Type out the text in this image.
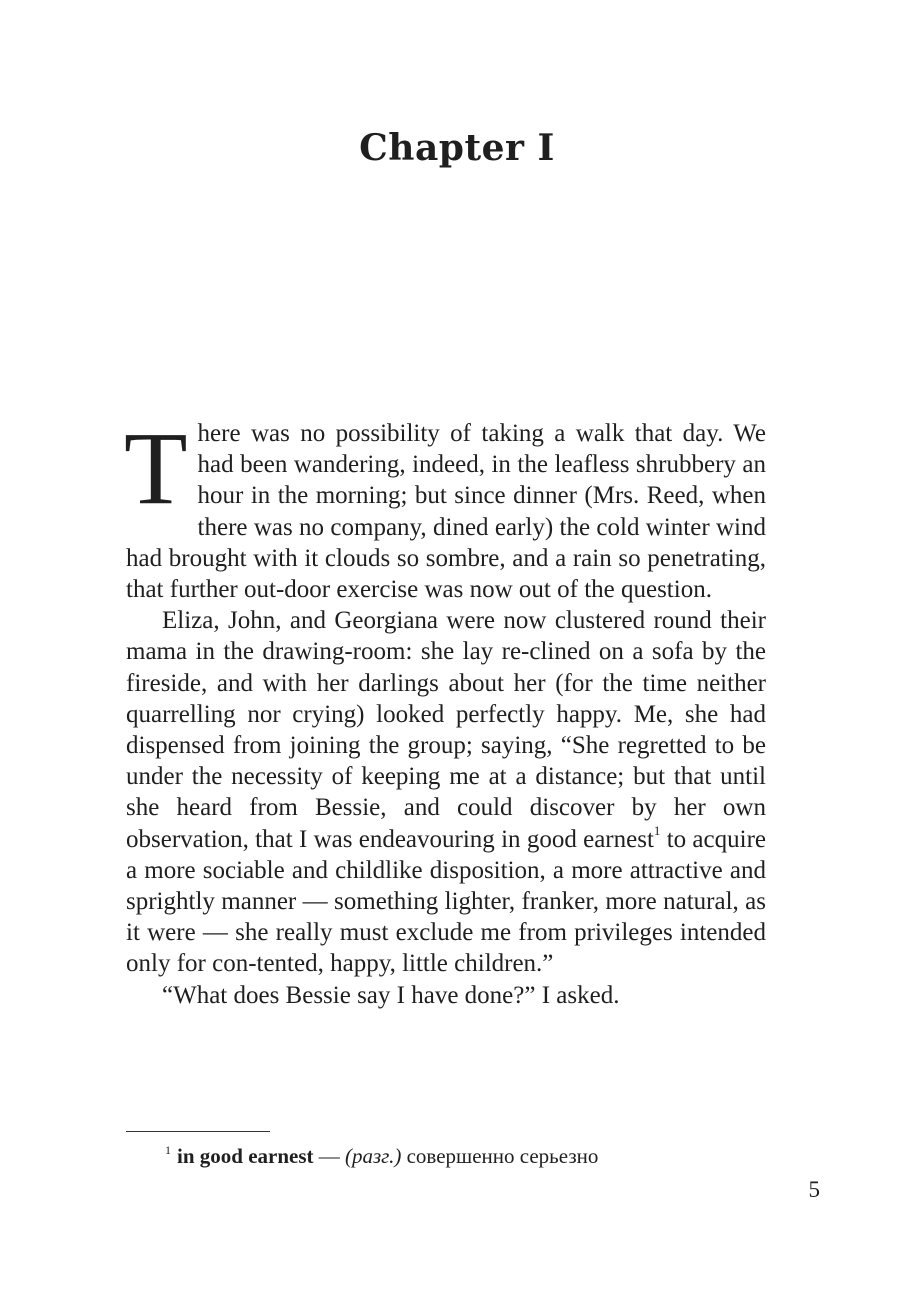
Chapter I

There was no possibility of taking a walk that day. We had been wandering, indeed, in the leafless shrubbery an hour in the morning; but since dinner (Mrs. Reed, when there was no company, dined early) the cold winter wind had brought with it clouds so sombre, and a rain so penetrating, that further out-door exercise was now out of the question.

Eliza, John, and Georgiana were now clustered round their mama in the drawing-room: she lay re-clined on a sofa by the fireside, and with her darlings about her (for the time neither quarrelling nor crying) looked perfectly happy. Me, she had dispensed from joining the group; saying, “She regretted to be under the necessity of keeping me at a distance; but that until she heard from Bessie, and could discover by her own observation, that I was endeavouring in good earnest$^1$ to acquire a more sociable and childlike disposition, a more attractive and sprightly manner — something lighter, franker, more natural, as it were — she really must exclude me from privileges intended only for con-tented, happy, little children.”

“What does Bessie say I have done?” I asked.

$^1$ in good earnest — (разг.) совершенно серьезно
5
